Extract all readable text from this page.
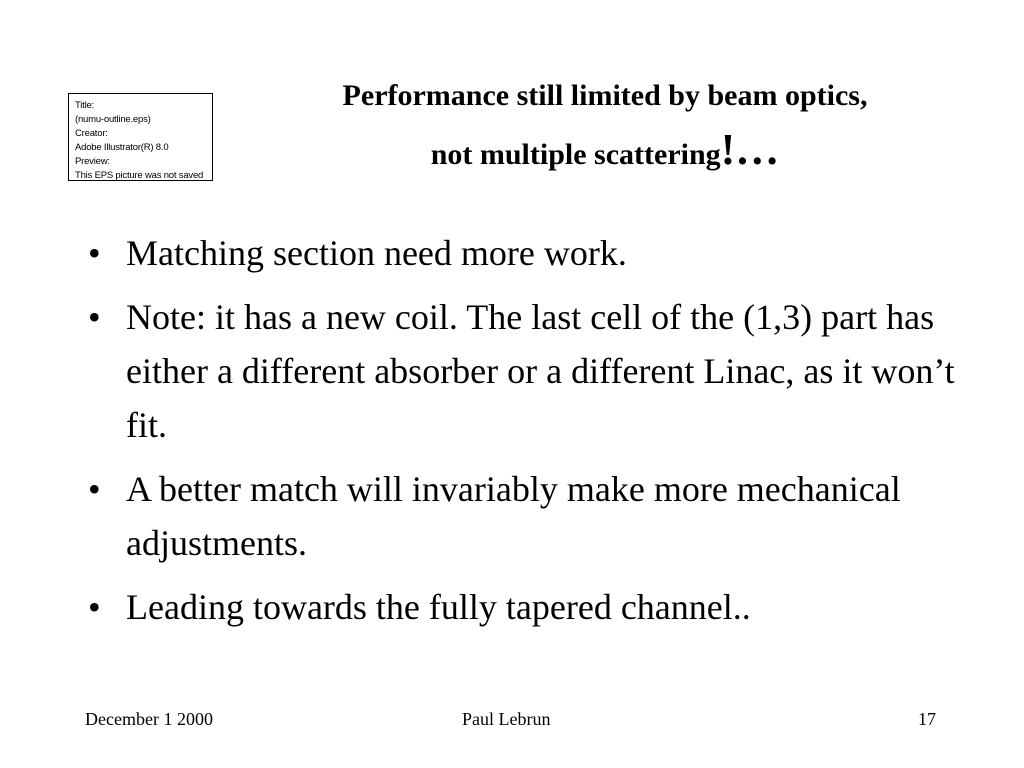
Title:
(numu-outline.eps)
Creator:
Adobe Illustrator(R) 8.0
Preview:
This EPS picture was not saved
Performance still limited by beam optics,
not multiple scattering!…
• Matching section need more work.
• Note: it has a new coil. The last cell of the (1,3) part has either a different absorber or a different Linac, as it won’t fit.
• A better match will invariably make more mechanical adjustments.
• Leading towards the fully tapered channel..
December 1 2000	Paul Lebrun	17
